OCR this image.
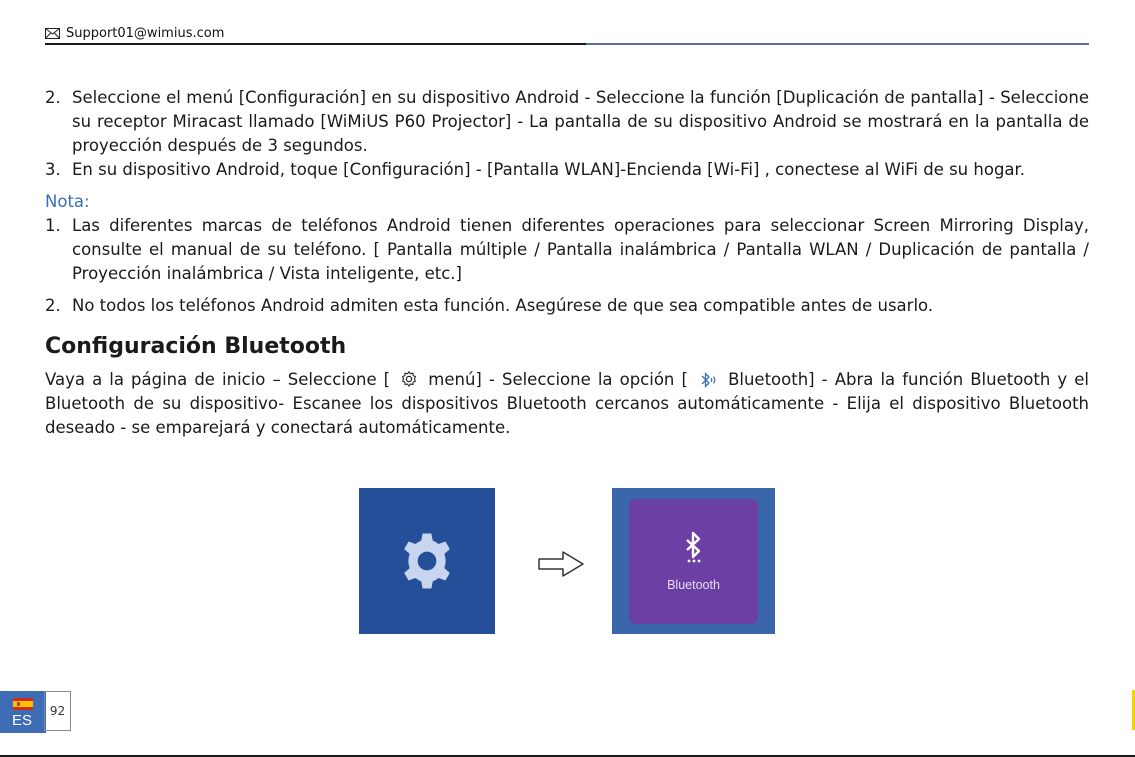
Support01@wimius.com
2. Seleccione el menú [Configuración] en su dispositivo Android - Seleccione la función [Duplicación de pantalla] - Seleccione su receptor Miracast llamado [WiMiUS P60 Projector] - La pantalla de su dispositivo Android se mostrará en la pantalla de proyección después de 3 segundos.
3. En su dispositivo Android, toque [Configuración] - [Pantalla WLAN]-Encienda [Wi-Fi] , conectese al WiFi de su hogar.
Nota:
1. Las diferentes marcas de teléfonos Android tienen diferentes operaciones para seleccionar Screen Mirroring Display, consulte el manual de su teléfono. [ Pantalla múltiple / Pantalla inalámbrica / Pantalla WLAN / Duplicación de pantalla / Proyección inalámbrica / Vista inteligente, etc.]
2. No todos los teléfonos Android admiten esta función. Asegúrese de que sea compatible antes de usarlo.
Configuración Bluetooth
Vaya a la página de inicio – Seleccione [ menú] - Seleccione la opción [ Bluetooth] - Abra la función Bluetooth y el Bluetooth de su dispositivo- Escanee los dispositivos Bluetooth cercanos automáticamente - Elija el dispositivo Bluetooth deseado - se emparejará y conectará automáticamente.
Bluetooth
ES
92
